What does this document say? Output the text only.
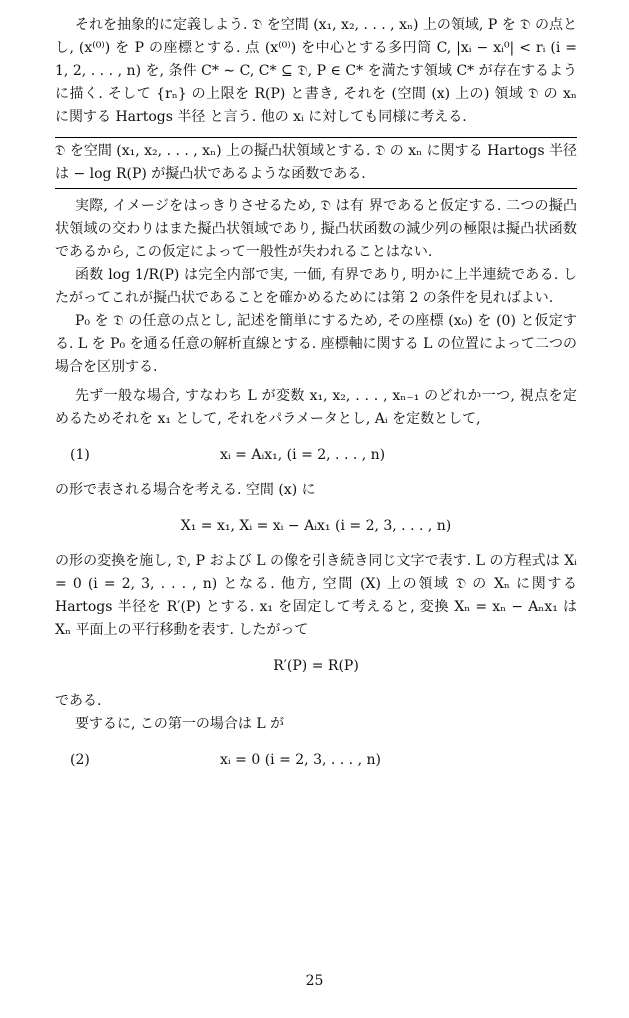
それを抽象的に定義しよう. 𝔇 を空間 (x₁, x₂, . . . , xₙ) 上の領域, P を 𝔇 の点とし, (x⁽⁰⁾) を P の座標とする. 点 (x⁽⁰⁾) を中心とする多円筒 C, |xᵢ − xᵢ⁰| < rᵢ (i = 1, 2, . . . , n) を, 条件 C* ∼ C, C* ⊆ 𝔇, P ∈ C* を満たす領域 C* が存在するように描く. そして {rₙ} の上限を R(P) と書き, それを (空間 (x) 上の) 領域 𝔇 の xₙ に関する Hartogs 半径 と言う. 他の xᵢ に対しても同様に考える.

𝔇 を空間 (x₁, x₂, . . . , xₙ) 上の擬凸状領域とする. 𝔇 の xₙ に関する Hartogs 半径は − log R(P) が擬凸状であるような函数である.

実際, イメージをはっきりさせるため, 𝔇 は有 界であると仮定する. 二つの擬凸状領域の交わりはまた擬凸状領域であり, 擬凸状函数の減少列の極限は擬凸状函数であるから, この仮定によって一般性が失われることはない.

函数 log 1/R(P) は完全内部で実, 一価, 有界であり, 明かに上半連続である. したがってこれが擬凸状であることを確かめるためには第 2 の条件を見ればよい.

P₀ を 𝔇 の任意の点とし, 記述を簡単にするため, その座標 (x₀) を (0) と仮定する. L を P₀ を通る任意の解析直線とする. 座標軸に関する L の位置によって二つの場合を区別する.

先ず一般な場合, すなわち L が変数 x₁, x₂, . . . , xₙ₋₁ のどれか一つ, 視点を定めるためそれを x₁ として, それをパラメータとし, Aᵢ を定数として,

(1)	xᵢ = Aᵢx₁, (i = 2, . . . , n)

の形で表される場合を考える. 空間 (x) に

X₁ = x₁, Xᵢ = xᵢ − Aᵢx₁ (i = 2, 3, . . . , n)

の形の変換を施し, 𝔇, P および L の像を引き続き同じ文字で表す. L の方程式は Xᵢ = 0 (i = 2, 3, . . . , n) となる. 他方, 空間 (X) 上の領域 𝔇 の Xₙ に関する Hartogs 半径を R′(P) とする. x₁ を固定して考えると, 変換 Xₙ = xₙ − Aₙx₁ は Xₙ 平面上の平行移動を表す. したがって

R′(P) = R(P)

である.

要するに, この第一の場合は L が

(2)	xᵢ = 0 (i = 2, 3, . . . , n)
25
